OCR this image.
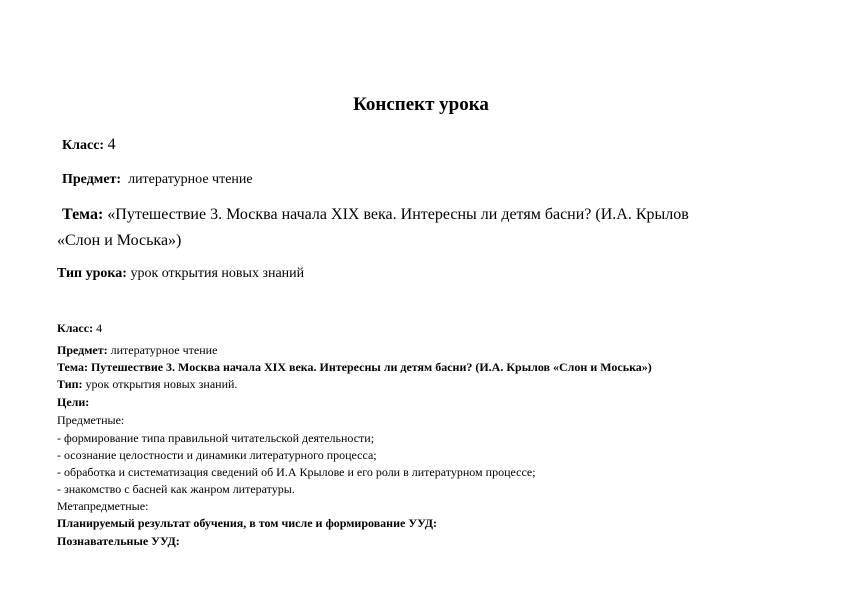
Конспект урока
Класс: 4
Предмет: литературное чтение
Тема: «Путешествие 3. Москва начала XIX века. Интересны ли детям басни? (И.А. Крылов
«Слон и Моська»)
Тип урока: урок открытия новых знаний
Класс: 4
Предмет: литературное чтение
Тема: Путешествие 3. Москва начала XIX века. Интересны ли детям басни? (И.А. Крылов «Слон и Моська»)
Тип: урок открытия новых знаний.
Цели:
Предметные:
- формирование типа правильной читательской деятельности;
- осознание целостности и динамики литературного процесса;
- обработка и систематизация сведений об И.А Крылове и его роли в литературном процессе;
- знакомство с басней как жанром литературы.
Метапредметные:
Планируемый результат обучения, в том числе и формирование УУД:
Познавательные УУД:
